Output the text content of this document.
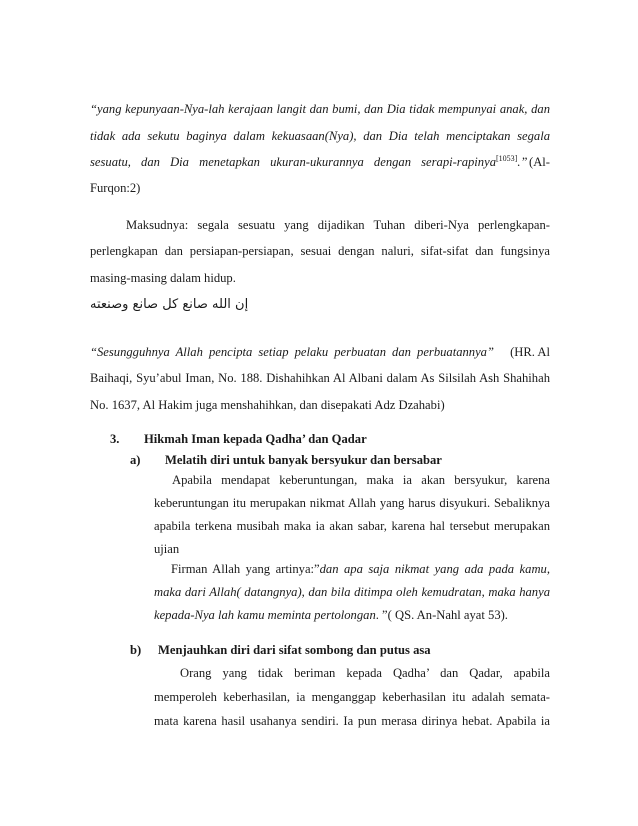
“yang kepunyaan-Nya-lah kerajaan langit dan bumi, dan Dia tidak mempunyai anak, dan
tidak ada sekutu baginya dalam kekuasaan(Nya), dan Dia telah menciptakan segala
sesuatu, dan Dia menetapkan ukuran-ukurannya dengan serapi-rapinya[1053].” (Al-
Furqon:2)
Maksudnya: segala sesuatu yang dijadikan Tuhan diberi-Nya perlengkapan-
perlengkapan dan persiapan-persiapan, sesuai dengan naluri, sifat-sifat dan fungsinya
masing-masing dalam hidup.
إن الله صانع كل صانع وصنعته
“Sesungguhnya Allah pencipta setiap pelaku perbuatan dan perbuatannya” (HR. Al
Baihaqi, Syu’abul Iman, No. 188. Dishahihkan Al Albani dalam As Silsilah Ash Shahihah
No. 1637, Al Hakim juga menshahihkan, dan disepakati Adz Dzahabi)
3. Hikmah Iman kepada Qadha’ dan Qadar
a) Melatih diri untuk banyak bersyukur dan bersabar
Apabila mendapat keberuntungan, maka ia akan bersyukur, karena
keberuntungan itu merupakan nikmat Allah yang harus disyukuri. Sebaliknya
apabila terkena musibah maka ia akan sabar, karena hal tersebut merupakan
ujian
Firman Allah yang artinya:”dan apa saja nikmat yang ada pada kamu,
maka dari Allah( datangnya), dan bila ditimpa oleh kemudratan, maka hanya
kepada-Nya lah kamu meminta pertolongan. ”( QS. An-Nahl ayat 53).
b) Menjauhkan diri dari sifat sombong dan putus asa
Orang yang tidak beriman kepada Qadha’ dan Qadar, apabila
memperoleh keberhasilan, ia menganggap keberhasilan itu adalah semata-
mata karena hasil usahanya sendiri. Ia pun merasa dirinya hebat. Apabila ia
